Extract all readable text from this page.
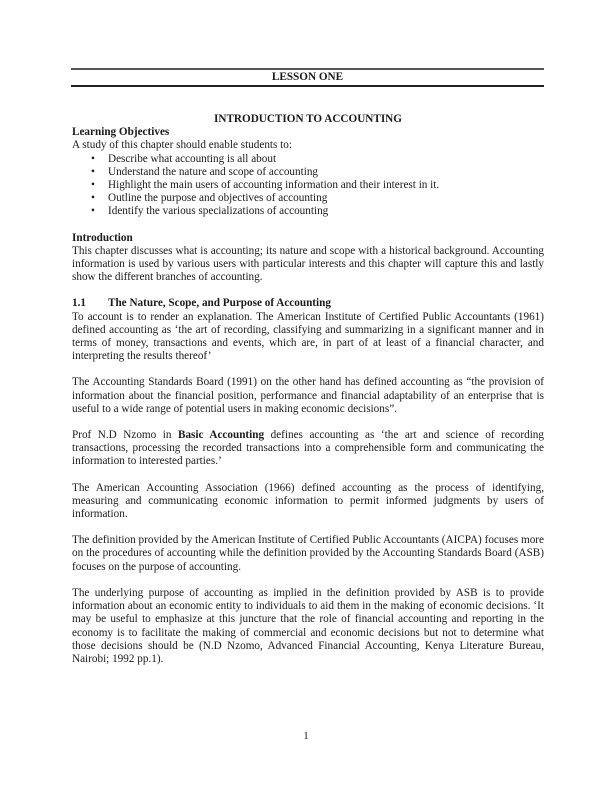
LESSON ONE
INTRODUCTION TO ACCOUNTING
Learning Objectives

A study of this chapter should enable students to:

• Describe what accounting is all about
• Understand the nature and scope of accounting
• Highlight the main users of accounting information and their interest in it.
• Outline the purpose and objectives of accounting
• Identify the various specializations of accounting
Introduction

This chapter discusses what is accounting; its nature and scope with a historical background. Accounting information is used by various users with particular interests and this chapter will capture this and lastly show the different branches of accounting.

1.1 The Nature, Scope, and Purpose of Accounting

To account is to render an explanation. The American Institute of Certified Public Accountants (1961) defined accounting as ‘the art of recording, classifying and summarizing in a significant manner and in terms of money, transactions and events, which are, in part of at least of a financial character, and interpreting the results thereof’

The Accounting Standards Board (1991) on the other hand has defined accounting as “the provision of information about the financial position, performance and financial adaptability of an enterprise that is useful to a wide range of potential users in making economic decisions”.

Prof N.D Nzomo in Basic Accounting defines accounting as ‘the art and science of recording transactions, processing the recorded transactions into a comprehensible form and communicating the information to interested parties.’

The American Accounting Association (1966) defined accounting as the process of identifying, measuring and communicating economic information to permit informed judgments by users of information.

The definition provided by the American Institute of Certified Public Accountants (AICPA) focuses more on the procedures of accounting while the definition provided by the Accounting Standards Board (ASB) focuses on the purpose of accounting.

The underlying purpose of accounting as implied in the definition provided by ASB is to provide information about an economic entity to individuals to aid them in the making of economic decisions. ‘It may be useful to emphasize at this juncture that the role of financial accounting and reporting in the economy is to facilitate the making of commercial and economic decisions but not to determine what those decisions should be (N.D Nzomo, Advanced Financial Accounting, Kenya Literature Bureau, Nairobi; 1992 pp.1).

1
